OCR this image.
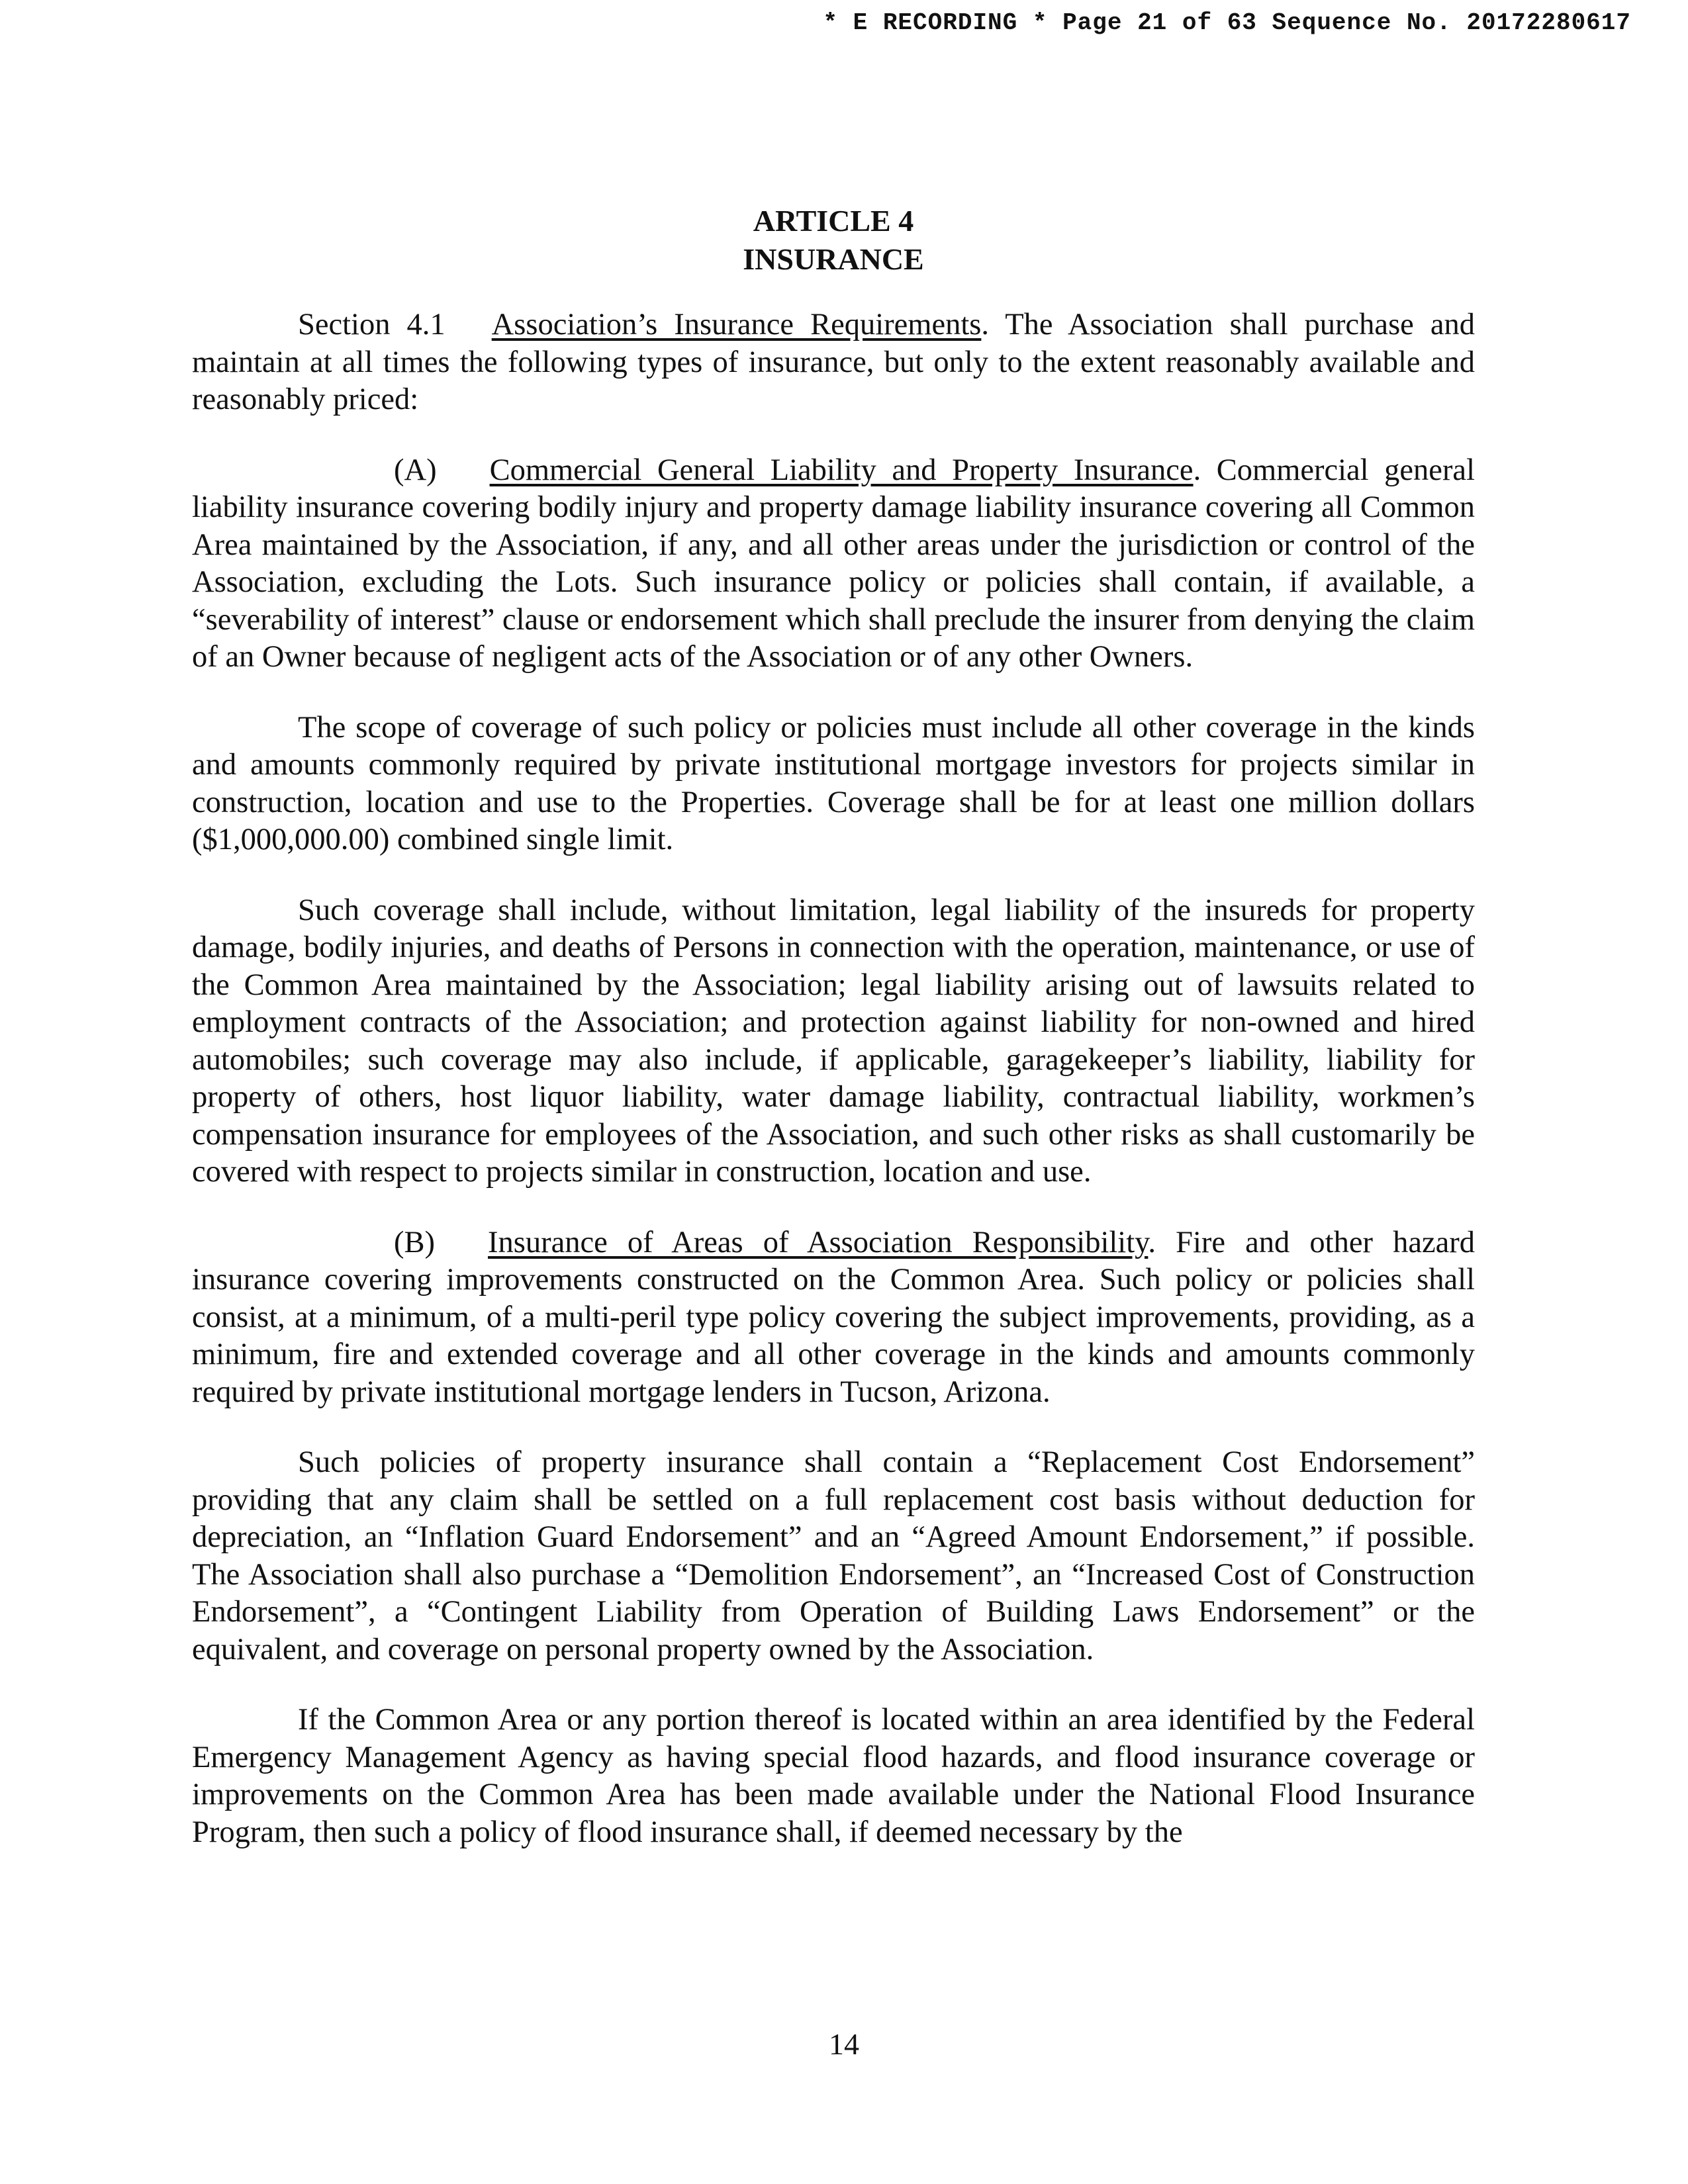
* E RECORDING * Page 21 of 63 Sequence No. 20172280617
ARTICLE 4
INSURANCE

Section 4.1 Association’s Insurance Requirements. The Association shall purchase and maintain at all times the following types of insurance, but only to the extent reasonably available and reasonably priced:

(A) Commercial General Liability and Property Insurance. Commercial general liability insurance covering bodily injury and property damage liability insurance covering all Common Area maintained by the Association, if any, and all other areas under the jurisdiction or control of the Association, excluding the Lots. Such insurance policy or policies shall contain, if available, a “severability of interest” clause or endorsement which shall preclude the insurer from denying the claim of an Owner because of negligent acts of the Association or of any other Owners.

The scope of coverage of such policy or policies must include all other coverage in the kinds and amounts commonly required by private institutional mortgage investors for projects similar in construction, location and use to the Properties. Coverage shall be for at least one million dollars ($1,000,000.00) combined single limit.

Such coverage shall include, without limitation, legal liability of the insureds for property damage, bodily injuries, and deaths of Persons in connection with the operation, maintenance, or use of the Common Area maintained by the Association; legal liability arising out of lawsuits related to employment contracts of the Association; and protection against liability for non-owned and hired automobiles; such coverage may also include, if applicable, garagekeeper’s liability, liability for property of others, host liquor liability, water damage liability, contractual liability, workmen’s compensation insurance for employees of the Association, and such other risks as shall customarily be covered with respect to projects similar in construction, location and use.

(B) Insurance of Areas of Association Responsibility. Fire and other hazard insurance covering improvements constructed on the Common Area. Such policy or policies shall consist, at a minimum, of a multi-peril type policy covering the subject improvements, providing, as a minimum, fire and extended coverage and all other coverage in the kinds and amounts commonly required by private institutional mortgage lenders in Tucson, Arizona.

Such policies of property insurance shall contain a “Replacement Cost Endorsement” providing that any claim shall be settled on a full replacement cost basis without deduction for depreciation, an “Inflation Guard Endorsement” and an “Agreed Amount Endorsement,” if possible. The Association shall also purchase a “Demolition Endorsement”, an “Increased Cost of Construction Endorsement”, a “Contingent Liability from Operation of Building Laws Endorsement” or the equivalent, and coverage on personal property owned by the Association.

If the Common Area or any portion thereof is located within an area identified by the Federal Emergency Management Agency as having special flood hazards, and flood insurance coverage or improvements on the Common Area has been made available under the National Flood Insurance Program, then such a policy of flood insurance shall, if deemed necessary by the

14
